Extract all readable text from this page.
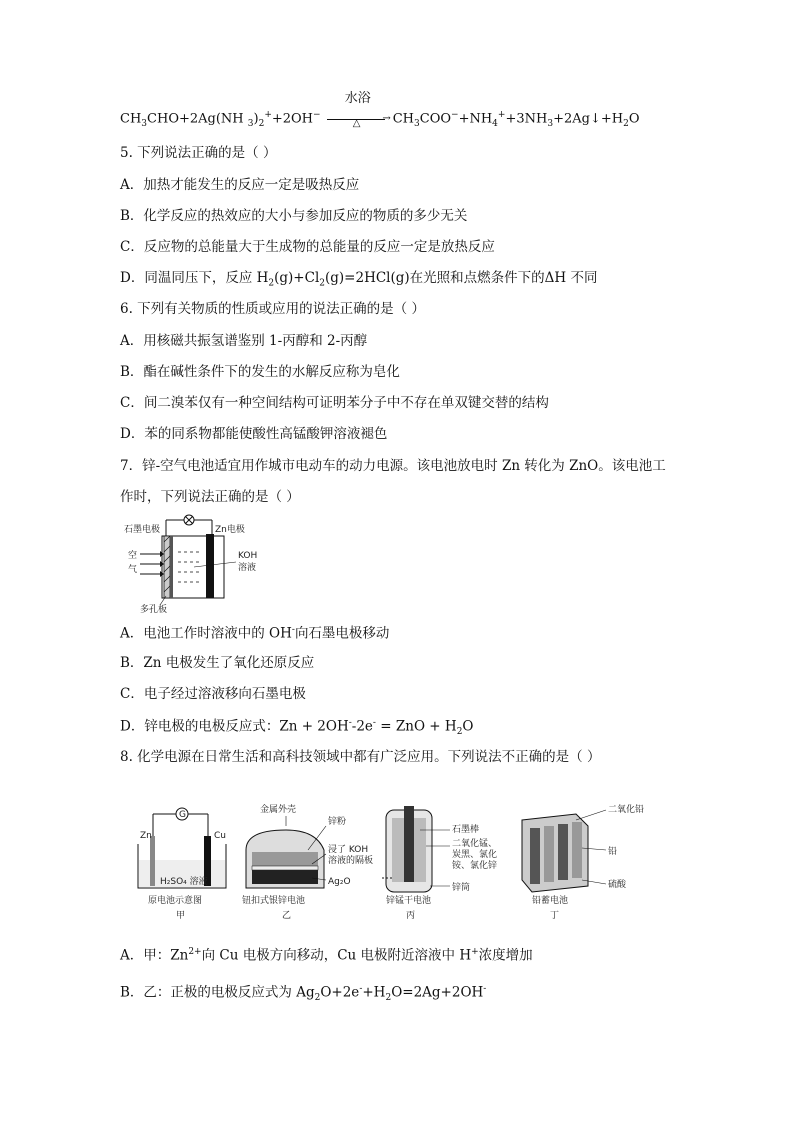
$CH_3CHO+2Ag(NH$ $_3)_2^++2OH^-$
水浴
→
△ $CH_3COO^-+NH_4^++3NH_3+2Ag↓+H_2O$
5. 下列说法正确的是（ ）
A．加热才能发生的反应一定是吸热反应
B．化学反应的热效应的大小与参加反应的物质的多少无关
C．反应物的总能量大于生成物的总能量的反应一定是放热反应
D．同温同压下，反应 $H_2(g)+Cl_2(g)=2HCl(g)$在光照和点燃条件下的ΔH 不同
6. 下列有关物质的性质或应用的说法正确的是（ ）
A．用核磁共振氢谱鉴别 1-丙醇和 2-丙醇
B．酯在碱性条件下的发生的水解反应称为皂化
C．间二溴苯仅有一种空间结构可证明苯分子中不存在单双键交替的结构
D．苯的同系物都能使酸性高锰酸钾溶液褪色
7．锌-空气电池适宜用作城市电动车的动力电源。该电池放电时 Zn 转化为 ZnO。该电池工
作时，下列说法正确的是（ ）
石墨电极	Zn电极
空
气
KOH
溶液
多孔板
A．电池工作时溶液中的 OH-向石墨电极移动
B．Zn 电极发生了氧化还原反应
C．电子经过溶液移向石墨电极
D．锌电极的电极反应式：Zn + 2OH--2e- = ZnO + $H_2O$
8. 化学电源在日常生活和高科技领域中都有广泛应用。下列说法不正确的是（ ）
G
Zn	Cu
H₂SO₄ 溶液
原电池示意图
甲
金属外壳
锌粉
浸了 KOH
溶液的隔板
Ag₂O
钮扣式银锌电池
乙
石墨棒
二氧化锰、
炭黑、氯化
铵、氯化锌
锌筒
锌锰干电池
丙
二氧化铅
铅
硫酸
铅蓄电池
丁
A．甲：$Zn^{2+}$向 Cu 电极方向移动，Cu 电极附近溶液中 H+浓度增加
B．乙：正极的电极反应式为 $Ag_2O+2e^-+H_2O=2Ag+2OH^-$
